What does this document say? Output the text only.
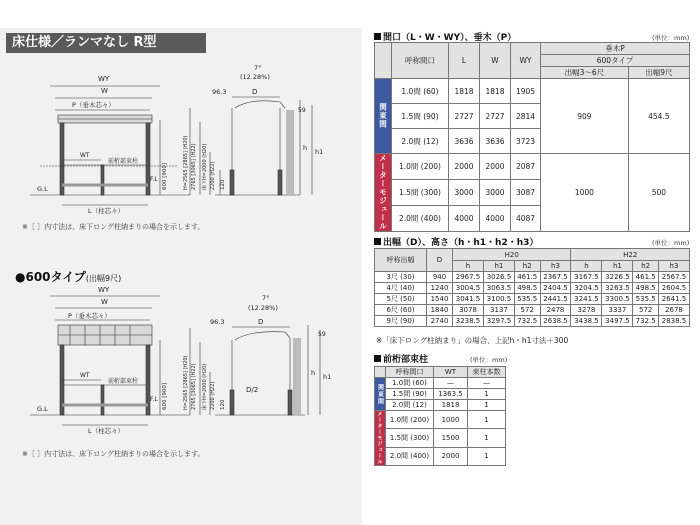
床仕様／ランマなし R型
WY
W
P（垂木芯々）
WT
前桁部束柱
F.L
G.L
L（柱芯々）
D
96.3
7°
(12.28%)
h h1
59
600 [900]	120
H=2565 [2865] (H20) 2765 [3065] (H22) 床下H=2000 (H20) 2200 (H22)
※［ ］内寸法は、床下ロング柱納まりの場合を示します。
●600タイプ(出幅9尺)
WY
W
P（垂木芯々）
WT
前桁部束柱
F.L
G.L
L（柱芯々）
D
D/2
96.3
7°
(12.28%)
h h1
59
600 [900]	120
H=2565 [2865] (H20) 2765 [3065] (H22) 床下H=2000 (H20) 2200 (H22)
※［ ］内寸法は、床下ロング柱納まりの場合を示します。
間口（L・W・WY）、垂木（P）	(単位：mm)
	呼称間口	L	W	WY	垂木P	
					600タイプ	
					出幅3〜6尺	出幅9尺
関東間	1.0間 (60)	1818	1818	1905	909	454.5
	1.5間 (90)	2727	2727	2814		
	2.0間 (12)	3636	3636	3723		
メーターモジュール	1.0間 (200)	2000	2000	2087	1000	500
	1.5間 (300)	3000	3000	3087		
	2.0間 (400)	4000	4000	4087		
出幅（D）、高さ（h・h1・h2・h3）	(単位：mm)
呼称出幅	D	H20				H22			
		h	h1	h2	h3	h	h1	h2	h3
3尺 (30)	940	2967.5	3026.5	461.5	2367.5	3167.5	3226.5	461.5	2567.5
4尺 (40)	1240	3004.5	3063.5	498.5	2404.5	3204.5	3263.5	498.5	2604.5
5尺 (50)	1540	3041.5	3100.5	535.5	2441.5	3241.5	3300.5	535.5	2641.5
6尺 (60)	1840	3078	3137	572	2478	3278	3337	572	2678
9尺 (90)	2740	3238.5	3297.5	732.5	2638.5	3438.5	3497.5	732.5	2838.5
※「床下ロング柱納まり」の場合、上記h・h1寸法＋300
前桁部束柱	(単位：mm)
	呼称間口	WT	束柱本数
関東間	1.0間 (60)	—	—
	1.5間 (90)	1363.5	1
	2.0間 (12)	1818	1
メーターモジュール	1.0間 (200)	1000	1
	1.5間 (300)	1500	1
	2.0間 (400)	2000	1
